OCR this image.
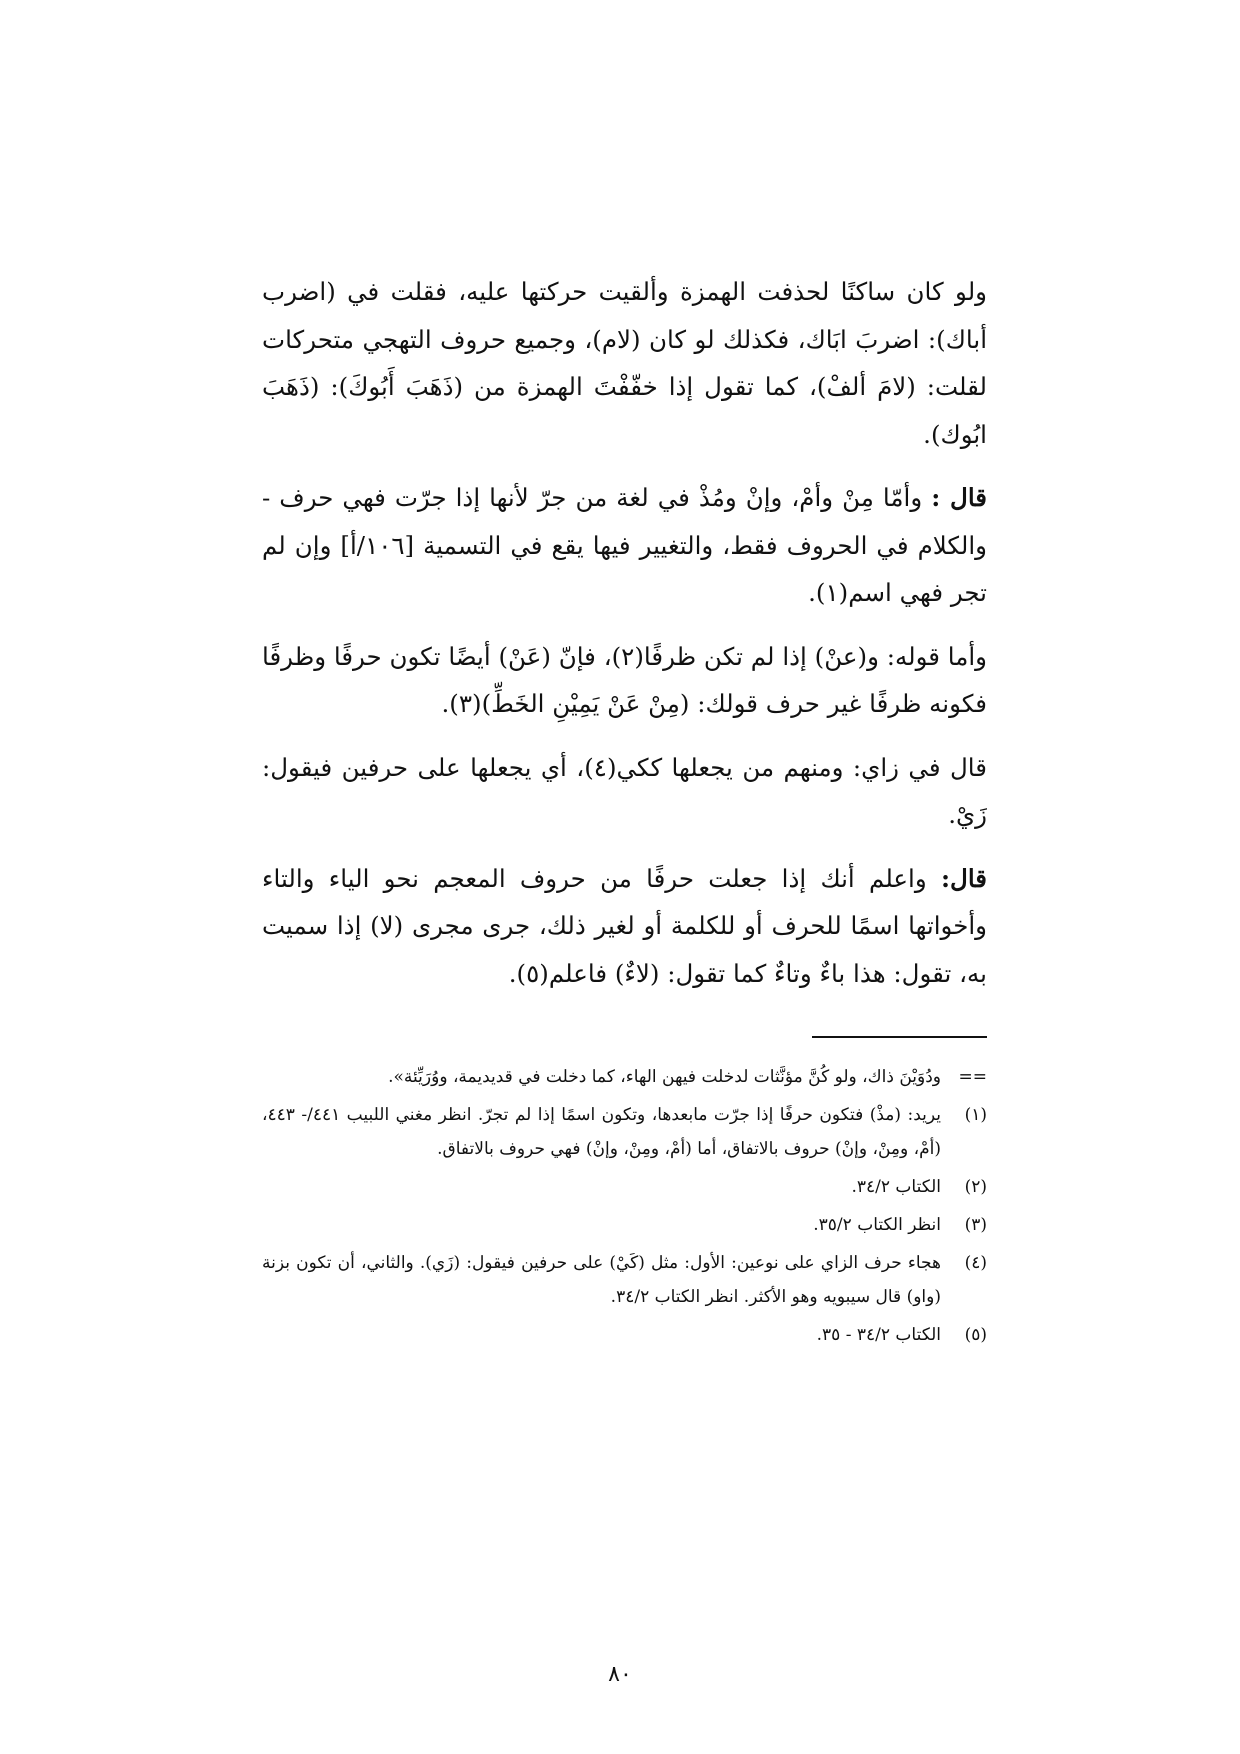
ولو كان ساكنًا لحذفت الهمزة وألقيت حركتها عليه، فقلت في (اضرب أباك): اضربَ ابَاك، فكذلك لو كان (لام)، وجميع حروف التهجي متحركات لقلت: (لامَ ألفْ)، كما تقول إذا خفّفْتَ الهمزة من (ذَهَبَ أَبُوكَ): (ذَهَبَ ابُوك).

قال : وأمّا مِنْ وأمْ، وإنْ ومُذْ في لغة من جرّ لأنها إذا جرّت فهي حرف - والكلام في الحروف فقط، والتغيير فيها يقع في التسمية [١٠٦/أ] وإن لم تجر فهي اسم(١).

وأما قوله: و(عنْ) إذا لم تكن ظرفًا(٢)، فإنّ (عَنْ) أيضًا تكون حرفًا وظرفًا فكونه ظرفًا غير حرف قولك: (مِنْ عَنْ يَمِيْنِ الخَطِّ)(٣).

قال في زاي: ومنهم من يجعلها ككي(٤)، أي يجعلها على حرفين فيقول: زَيْ.

قال: واعلم أنك إذا جعلت حرفًا من حروف المعجم نحو الياء والتاء وأخواتها اسمًا للحرف أو للكلمة أو لغير ذلك، جرى مجرى (لا) إذا سميت به، تقول: هذا باءٌ وتاءٌ كما تقول: (لاءٌ) فاعلم(٥).

==
ودُوَيْنَ ذاك، ولو كُنَّ مؤنَّثات لدخلت فيهن الهاء، كما دخلت في قديديمة، ووُرَيِّئة».
(١)
يريد: (مذْ) فتكون حرفًا إذا جرّت مابعدها، وتكون اسمًا إذا لم تجرّ. انظر مغني اللبيب ٤٤١/- ٤٤٣، (أمْ، ومِنْ، وإنْ) حروف بالاتفاق، أما (أمْ، ومِنْ، وإنْ) فهي حروف بالاتفاق.
(٢)
الكتاب ٣٤/٢.
(٣)
انظر الكتاب ٣٥/٢.
(٤)
هجاء حرف الزاي على نوعين: الأول: مثل (كَيْ) على حرفين فيقول: (زَي). والثاني، أن تكون بزنة (واو) قال سيبويه وهو الأكثر. انظر الكتاب ٣٤/٢.
(٥)
الكتاب ٣٤/٢ - ٣٥.
٨٠
